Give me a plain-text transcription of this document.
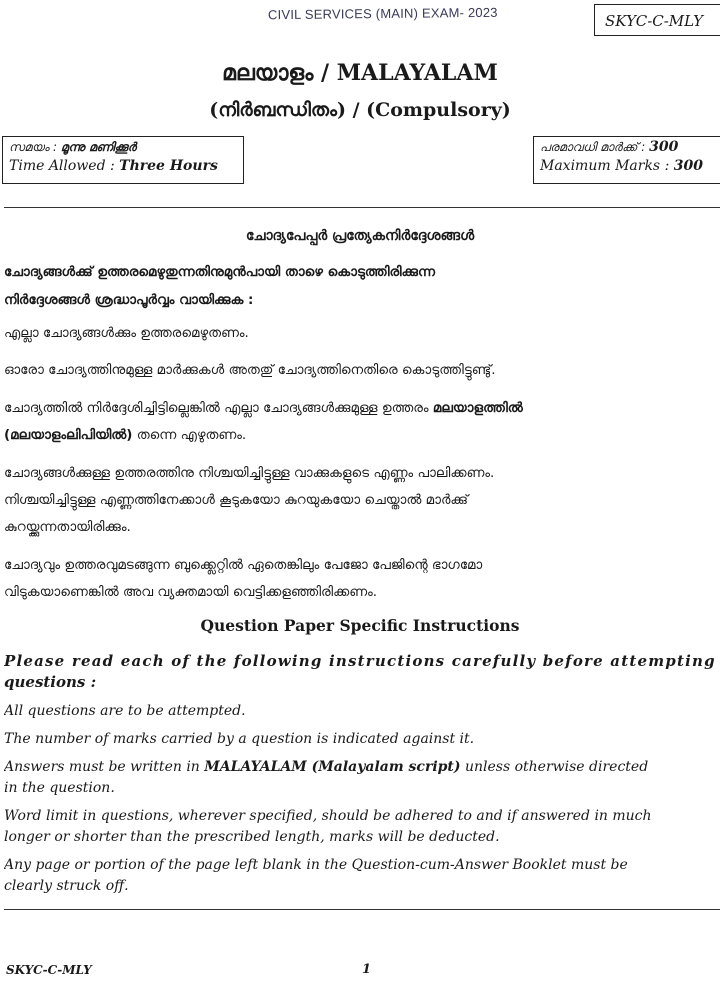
CIVIL SERVICES (MAIN) EXAM- 2023	SKYC-C-MLY
മലയാളം / MALAYALAM
(നിർബന്ധിതം) / (Compulsory)
സമയം : മൂന്നു മണിക്കൂർ
Time Allowed : Three Hours
പരമാവധി മാർക്ക് : 300
Maximum Marks : 300
ചോദ്യപേപ്പർ പ്രത്യേകനിർദ്ദേശങ്ങൾ
ചോദ്യങ്ങൾക്കു് ഉത്തരമെഴുതുന്നതിനുമുൻപായി താഴെ കൊടുത്തിരിക്കുന്ന
നിർദ്ദേശങ്ങൾ ശ്രദ്ധാപൂർവ്വം വായിക്കുക :
എല്ലാ ചോദ്യങ്ങൾക്കും ഉത്തരമെഴുതണം.
ഓരോ ചോദ്യത്തിനുമുള്ള മാർക്കുകൾ അതതു് ചോദ്യത്തിനെതിരെ കൊടുത്തിട്ടുണ്ടു്.
ചോദ്യത്തിൽ നിർദ്ദേശിച്ചിട്ടില്ലെങ്കിൽ എല്ലാ ചോദ്യങ്ങൾക്കുമുള്ള ഉത്തരം മലയാളത്തിൽ
(മലയാളംലിപിയിൽ) തന്നെ എഴുതണം.
ചോദ്യങ്ങൾക്കുള്ള ഉത്തരത്തിനു നിശ്ചയിച്ചിട്ടുള്ള വാക്കുകളുടെ എണ്ണം പാലിക്കണം.
നിശ്ചയിച്ചിട്ടുള്ള എണ്ണത്തിനേക്കാൾ കൂടുകയോ കുറയുകയോ ചെയ്താൽ മാർക്കു്
കുറയ്ക്കുന്നതായിരിക്കും.
ചോദ്യവും ഉത്തരവുമടങ്ങുന്ന ബുക്ക്ലെറ്റിൽ ഏതെങ്കിലും പേജോ പേജിന്റെ ഭാഗമോ
വിടുകയാണെങ്കിൽ അവ വ്യക്തമായി വെട്ടിക്കളഞ്ഞിരിക്കണം.
Question Paper Specific Instructions
Please read each of the following instructions carefully before attempting
questions :
All questions are to be attempted.
The number of marks carried by a question is indicated against it.
Answers must be written in MALAYALAM (Malayalam script) unless otherwise directed
in the question.
Word limit in questions, wherever specified, should be adhered to and if answered in much
longer or shorter than the prescribed length, marks will be deducted.
Any page or portion of the page left blank in the Question-cum-Answer Booklet must be
clearly struck off.
SKYC-C-MLY	1
